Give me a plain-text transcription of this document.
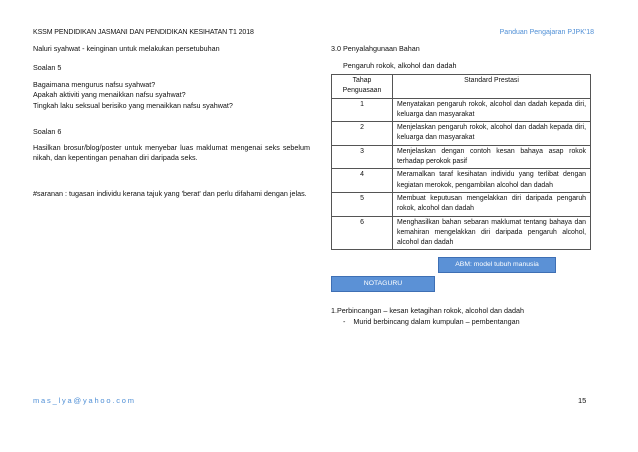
KSSM PENDIDIKAN JASMANI DAN PENDIDIKAN KESIHATAN T1 2018	Panduan Pengajaran PJPK'18
Naluri syahwat - keinginan untuk melakukan persetubuhan
Soalan 5

Bagaimana mengurus nafsu syahwat?

Apakah aktiviti yang menaikkan nafsu syahwat?

Tingkah laku seksual berisiko yang menaikkan nafsu syahwat?

Soalan 6
Hasilkan brosur/blog/poster untuk menyebar luas maklumat mengenai seks sebelum nikah, dan kepentingan penahan diri daripada seks.
#saranan : tugasan individu kerana tajuk yang 'berat' dan perlu difahami dengan jelas.
3.0 Penyalahgunaan Bahan
Pengaruh rokok, alkohol dan dadah
Tahap Penguasaan	Standard Prestasi
1	Menyatakan pengaruh rokok, alcohol dan dadah kepada diri, keluarga dan masyarakat
2	Menjelaskan pengaruh rokok, alcohol dan dadah kepada diri, keluarga dan masyarakat
3	Menjelaskan dengan contoh kesan bahaya asap rokok terhadap perokok pasif
4	Meramalkan taraf kesihatan individu yang terlibat dengan kegiatan merokok, pengambilan alcohol dan dadah
5	Membuat keputusan mengelakkan diri daripada pengaruh rokok, alcohol dan dadah
6	Menghasilkan bahan sebaran maklumat tentang bahaya dan kemahiran mengelakkan diri daripada pengaruh alcohol, alcohol dan dadah
ABM: model tubuh manusia
NOTAGURU
1.Perbincangan – kesan ketagihan rokok, alcohol dan dadah
-    Murid berbincang dalam kumpulan – pembentangan
mas_lya@yahoo.com	15
